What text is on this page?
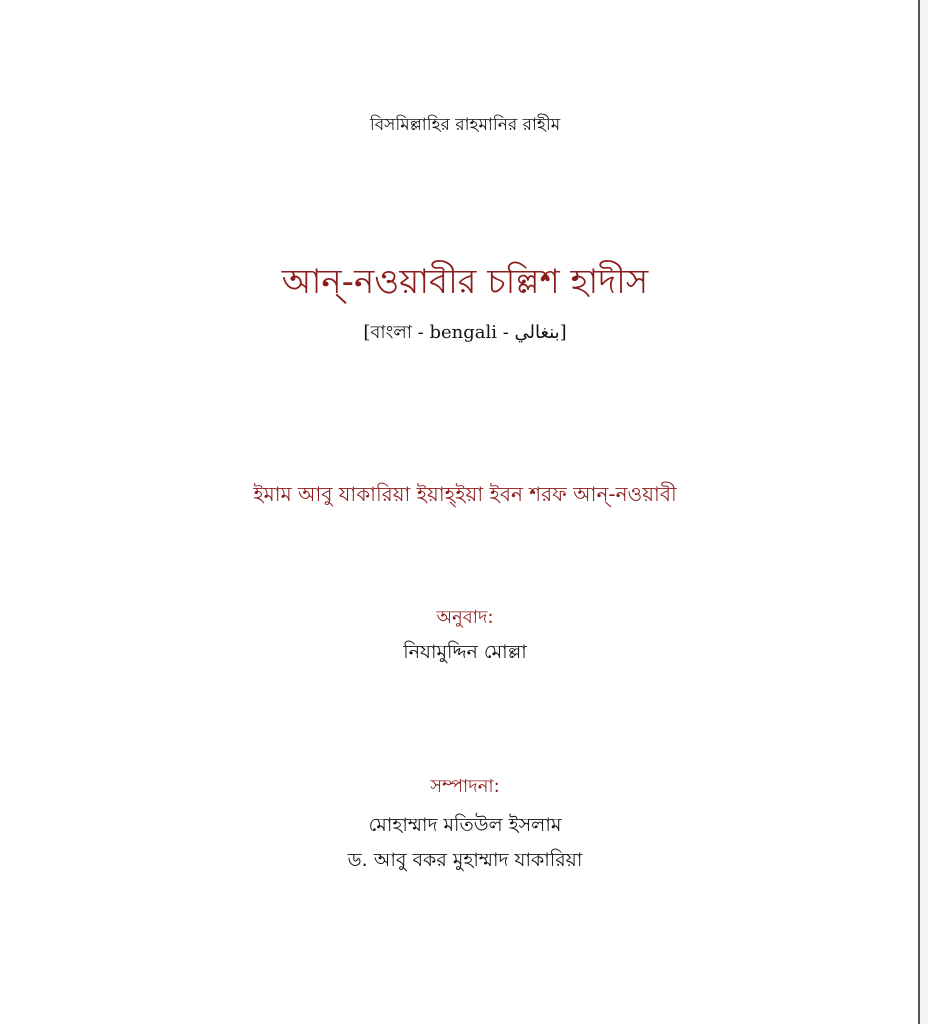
বিসমিল্লাহির রাহমানির রাহীম
আন্-নওয়াবীর চল্লিশ হাদীস
[বাংলা - bengali - بنغالي]
ইমাম আবু যাকারিয়া ইয়াহ্ইয়া ইবন শরফ আন্-নওয়াবী
অনুবাদ:
নিযামুদ্দিন মোল্লা
সম্পাদনা:
মোহাম্মাদ মতিউল ইসলাম
ড. আবু বকর মুহাম্মাদ যাকারিয়া
